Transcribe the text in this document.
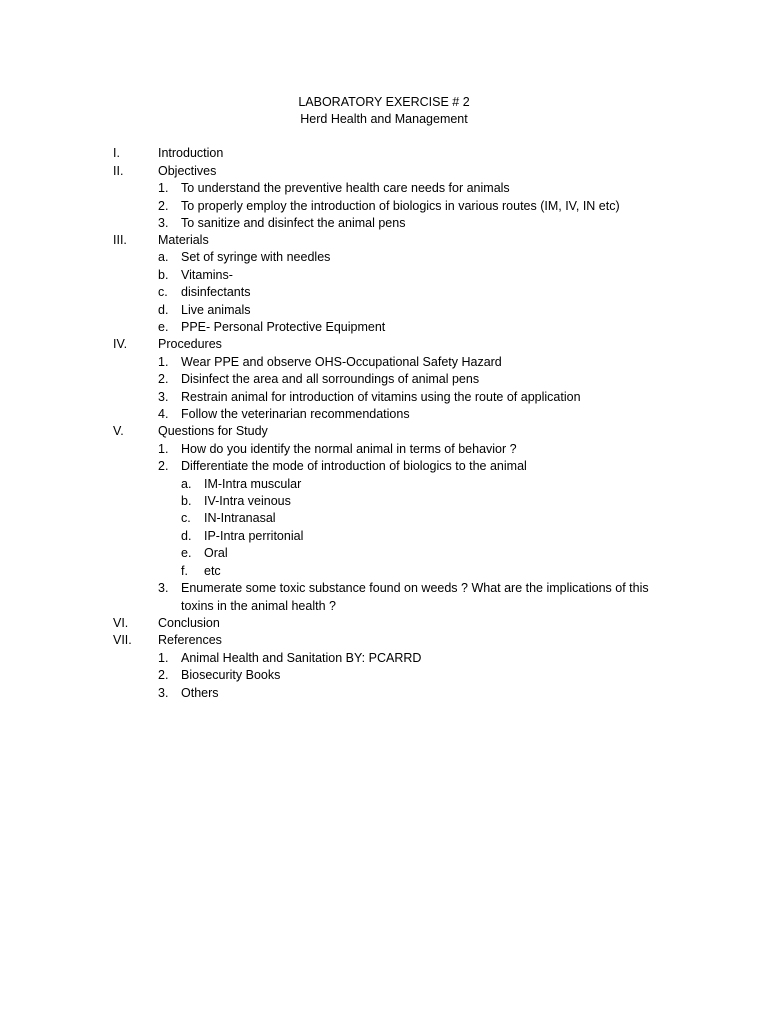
LABORATORY EXERCISE # 2
Herd Health and Management
I.	Introduction
II.	Objectives
1. To understand the preventive health care needs for animals
2. To properly employ the introduction of biologics in various routes (IM, IV, IN etc)
3. To sanitize and disinfect the animal pens
III. Materials
a. Set of syringe with needles
b. Vitamins-
c. disinfectants
d. Live animals
e. PPE- Personal Protective Equipment
IV. Procedures
1. Wear PPE and observe OHS-Occupational Safety Hazard
2. Disinfect the area and all sorroundings of animal pens
3. Restrain animal for introduction of vitamins using the route of application
4. Follow the veterinarian recommendations
V.	Questions for Study
1. How do you identify the normal animal in terms of behavior ?
2. Differentiate the mode of introduction of biologics to the animal
a. IM-Intra muscular
b. IV-Intra veinous
c. IN-Intranasal
d. IP-Intra perritonial
e. Oral
f. etc
3. Enumerate some toxic substance found on weeds ? What are the implications of this
toxins in the animal health ?
VI. Conclusion
VII. References
1. Animal Health and Sanitation BY: PCARRD
2. Biosecurity Books
3. Others
